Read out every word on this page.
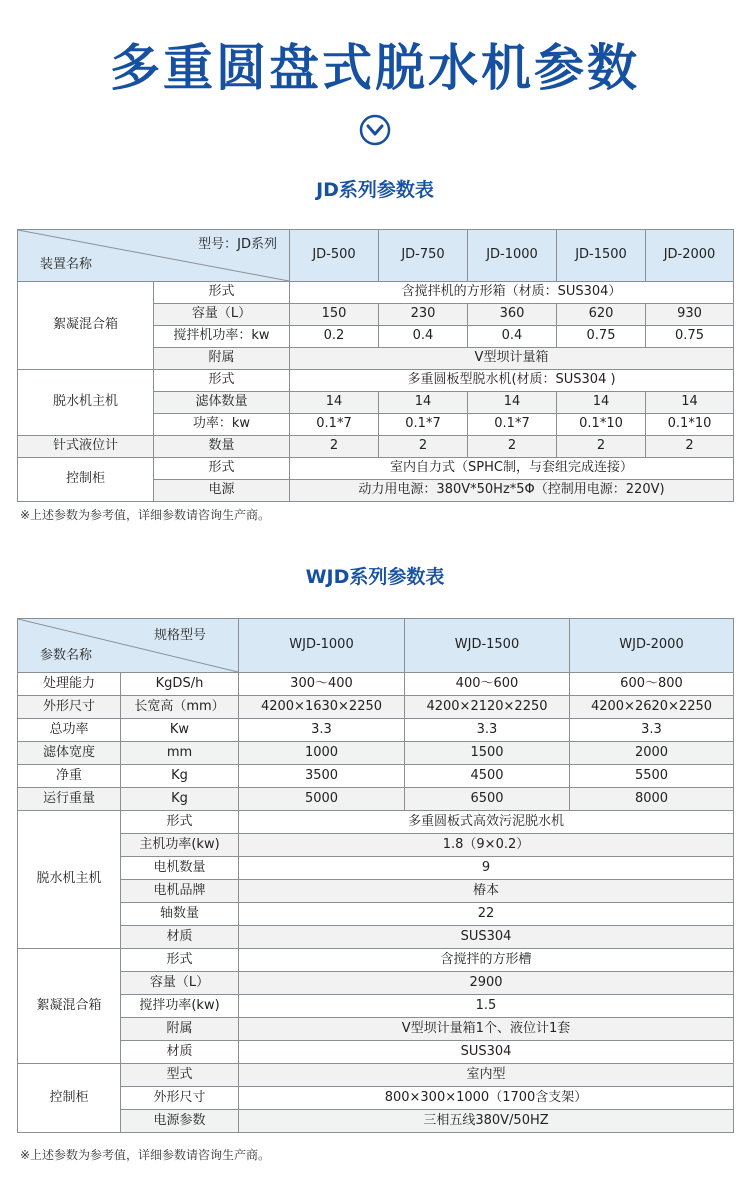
多重圆盘式脱水机参数
JD系列参数表
型号：JD系列
装置名称		JD-500	JD-750	JD-1000	JD-1500	JD-2000
絮凝混合箱	形式	含搅拌机的方形箱（材质：SUS304）				
	容量（L）	150	230	360	620	930
	搅拌机功率：kw	0.2	0.4	0.4	0.75	0.75
	附属	V型坝计量箱				
脱水机主机	形式	多重圆板型脱水机(材质：SUS304 )				
	滤体数量	14	14	14	14	14
	功率：kw	0.1*7	0.1*7	0.1*7	0.1*10	0.1*10
针式液位计	数量	2	2	2	2	2
控制柜	形式	室内自力式（SPHC制，与套组完成连接）				
	电源	动力用电源：380V*50Hz*5Φ（控制用电源：220V)				
※上述参数为参考值，详细参数请咨询生产商。
WJD系列参数表
规格型号
参数名称		WJD-1000	WJD-1500	WJD-2000
处理能力	KgDS/h	300～400	400～600	600～800
外形尺寸	长宽高（mm）	4200×1630×2250	4200×2120×2250	4200×2620×2250
总功率	Kw	3.3	3.3	3.3
滤体宽度	mm	1000	1500	2000
净重	Kg	3500	4500	5500
运行重量	Kg	5000	6500	8000
脱水机主机	形式	多重圆板式高效污泥脱水机		
	主机功率(kw)	1.8（9×0.2）		
	电机数量	9		
	电机品牌	椿本		
	轴数量	22		
	材质	SUS304		
絮凝混合箱	形式	含搅拌的方形槽		
	容量（L）	2900		
	搅拌功率(kw)	1.5		
	附属	V型坝计量箱1个、液位计1套		
	材质	SUS304		
控制柜	型式	室内型		
	外形尺寸	800×300×1000（1700含支架）		
	电源参数	三相五线380V/50HZ		
※上述参数为参考值，详细参数请咨询生产商。
